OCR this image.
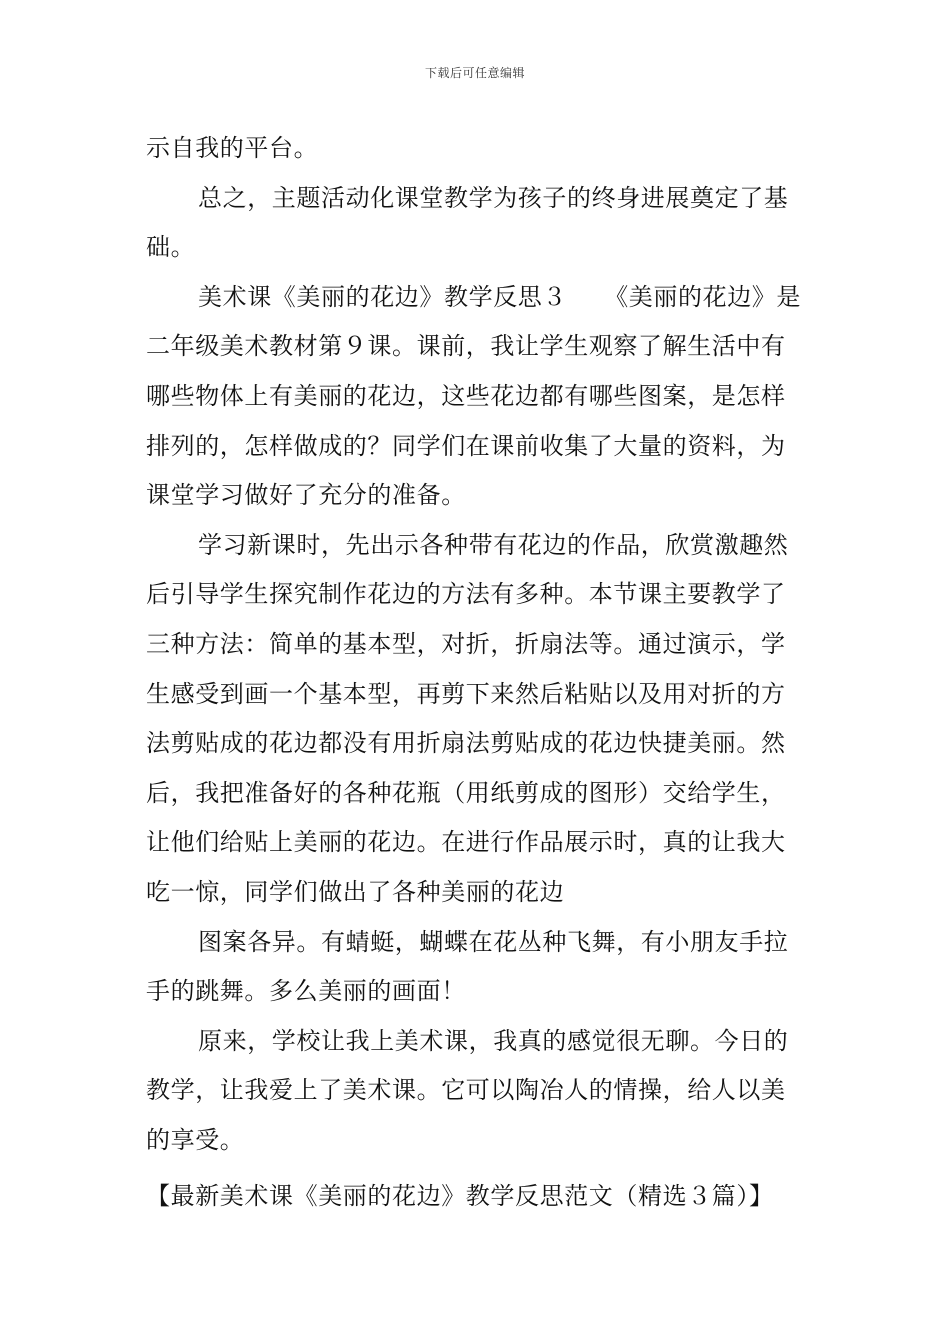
下载后可任意编辑

示自我的平台。

总之，主题活动化课堂教学为孩子的终身进展奠定了基础。

美术课《美丽的花边》教学反思３　　《美丽的花边》是二年级美术教材第９课。课前，我让学生观察了解生活中有哪些物体上有美丽的花边，这些花边都有哪些图案，是怎样排列的，怎样做成的？同学们在课前收集了大量的资料，为课堂学习做好了充分的准备。

学习新课时，先出示各种带有花边的作品，欣赏激趣然后引导学生探究制作花边的方法有多种。本节课主要教学了三种方法：简单的基本型，对折，折扇法等。通过演示，学生感受到画一个基本型，再剪下来然后粘贴以及用对折的方法剪贴成的花边都没有用折扇法剪贴成的花边快捷美丽。然后，我把准备好的各种花瓶（用纸剪成的图形）交给学生，让他们给贴上美丽的花边。在进行作品展示时，真的让我大吃一惊，同学们做出了各种美丽的花边

图案各异。有蜻蜓，蝴蝶在花丛种飞舞，有小朋友手拉手的跳舞。多么美丽的画面！

原来，学校让我上美术课，我真的感觉很无聊。今日的教学，让我爱上了美术课。它可以陶冶人的情操，给人以美的享受。

【最新美术课《美丽的花边》教学反思范文（精选３篇）】
